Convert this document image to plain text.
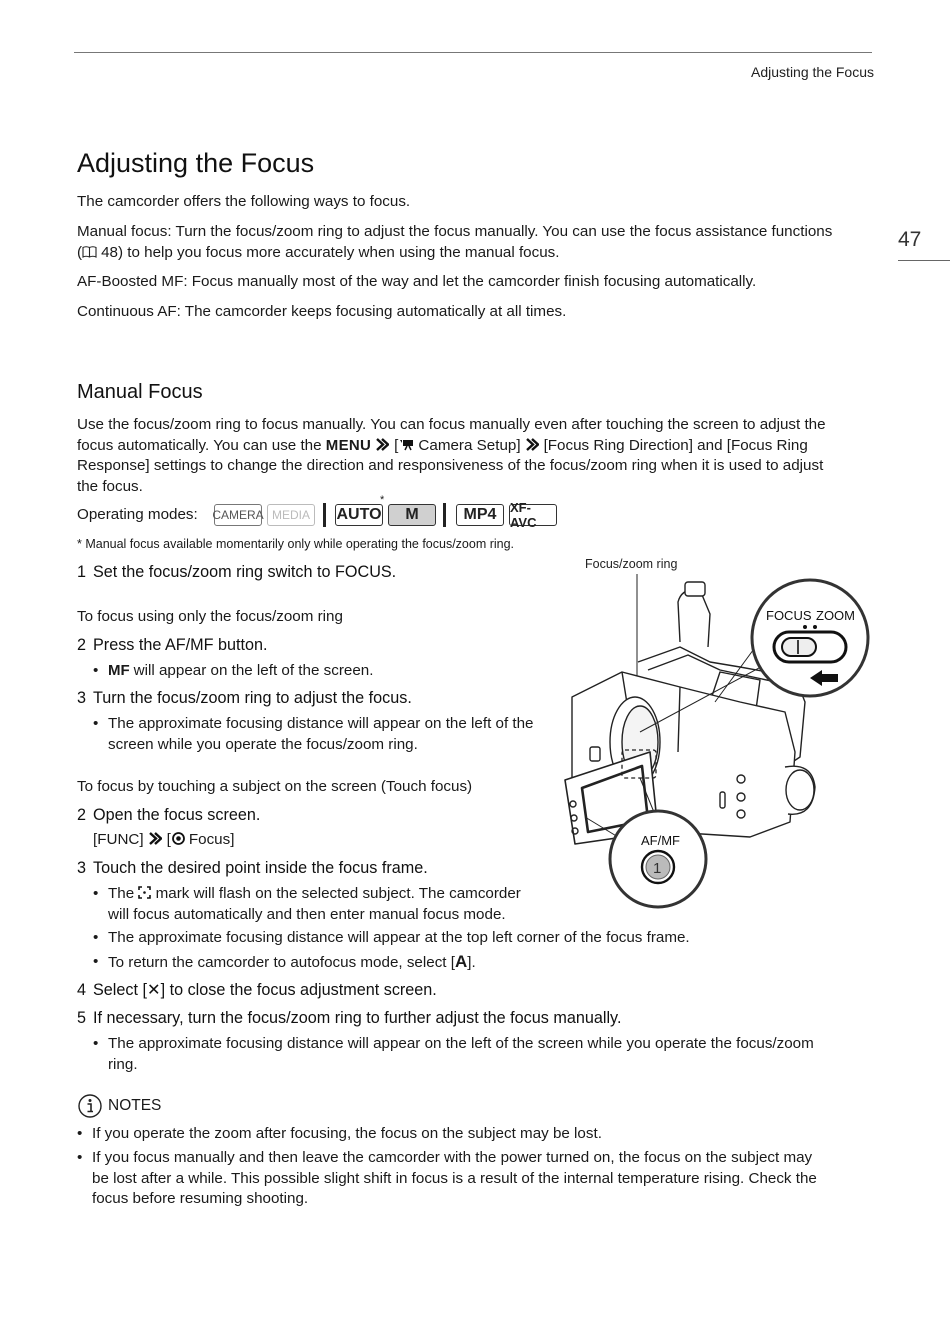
Adjusting the Focus
47
Adjusting the Focus
The camcorder offers the following ways to focus.
Manual focus: Turn the focus/zoom ring to adjust the focus manually. You can use the focus assistance functions
( 48) to help you focus more accurately when using the manual focus.
AF-Boosted MF: Focus manually most of the way and let the camcorder finish focusing automatically.
Continuous AF: The camcorder keeps focusing automatically at all times.
Manual Focus
Use the focus/zoom ring to focus manually. You can focus manually even after touching the screen to adjust the
focus automatically. You can use the MENU [ Camera Setup] [Focus Ring Direction] and [Focus Ring
Response] settings to change the direction and responsiveness of the focus/zoom ring when it is used to adjust
the focus.
Operating modes: CAMERA MEDIA	AUTO
*
M	MP4	XF-AVC
* Manual focus available momentarily only while operating the focus/zoom ring.
1 Set the focus/zoom ring switch to FOCUS.
To focus using only the focus/zoom ring
2 Press the AF/MF button.
• MF will appear on the left of the screen.
3 Turn the focus/zoom ring to adjust the focus.
• The approximate focusing distance will appear on the left of the
screen while you operate the focus/zoom ring.
To focus by touching a subject on the screen (Touch focus)
2 Open the focus screen.
[FUNC] [ Focus]
3 Touch the desired point inside the focus frame.
• The mark will flash on the selected subject. The camcorder
will focus automatically and then enter manual focus mode.
• The approximate focusing distance will appear at the top left corner of the focus frame.
• To return the camcorder to autofocus mode, select [A].
4 Select [✕] to close the focus adjustment screen.
5 If necessary, turn the focus/zoom ring to further adjust the focus manually.
• The approximate focusing distance will appear on the left of the screen while you operate the focus/zoom
ring.
NOTES
• If you operate the zoom after focusing, the focus on the subject may be lost.
• If you focus manually and then leave the camcorder with the power turned on, the focus on the subject may
be lost after a while. This possible slight shift in focus is a result of the internal temperature rising. Check the
focus before resuming shooting.
FOCUS ZOOM
AF/MF
1
Focus/zoom ring
